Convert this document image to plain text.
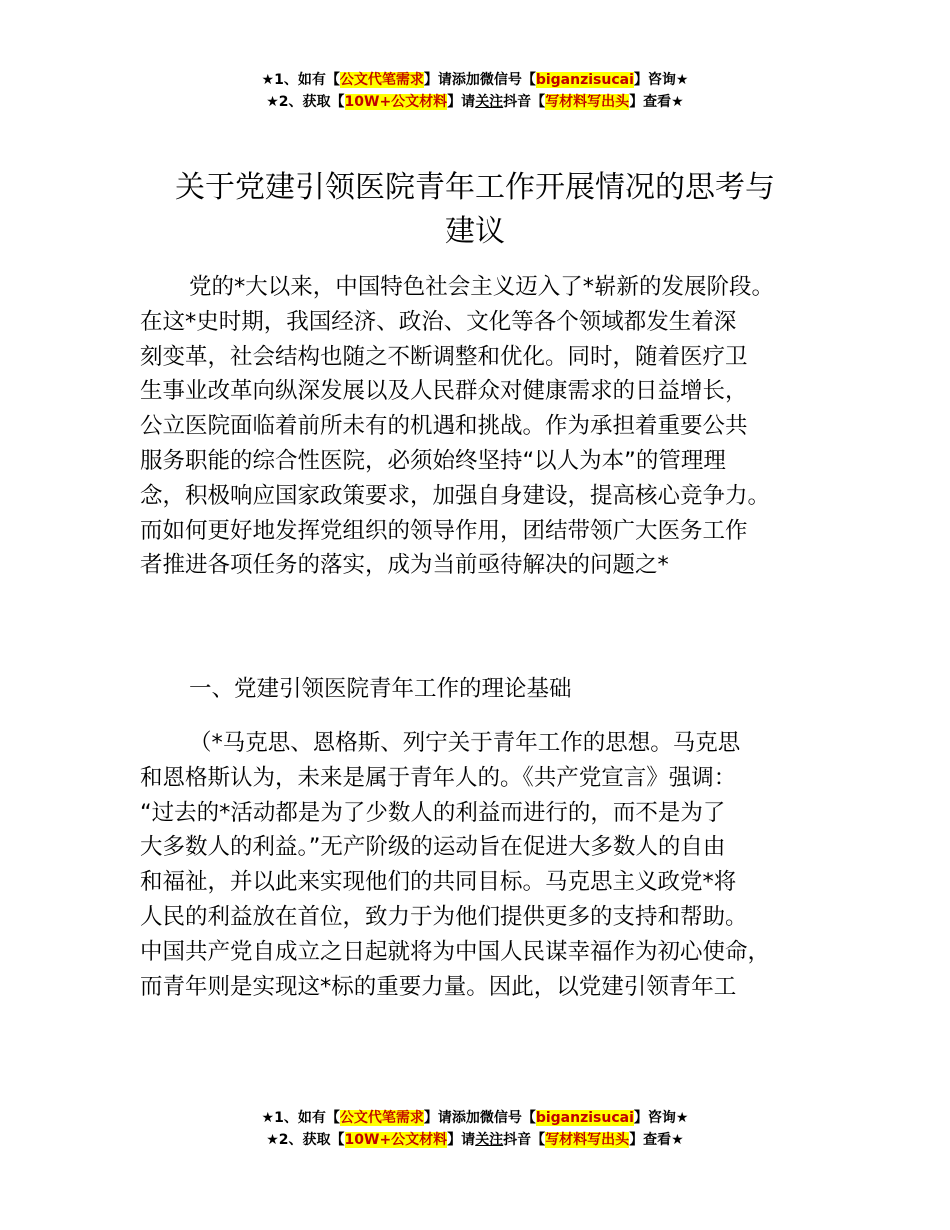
★1、如有【公文代笔需求】请添加微信号【biganzisucai】咨询★
★2、获取【10W+公文材料】请关注抖音【写材料写出头】查看★
关于党建引领医院青年工作开展情况的思考与
建议

党的*大以来，中国特色社会主义迈入了*崭新的发展阶段。

在这*史时期，我国经济、政治、文化等各个领域都发生着深

刻变革，社会结构也随之不断调整和优化。同时，随着医疗卫

生事业改革向纵深发展以及人民群众对健康需求的日益增长，

公立医院面临着前所未有的机遇和挑战。作为承担着重要公共

服务职能的综合性医院，必须始终坚持“以人为本”的管理理

念，积极响应国家政策要求，加强自身建设，提高核心竞争力。

而如何更好地发挥党组织的领导作用，团结带领广大医务工作

者推进各项任务的落实，成为当前亟待解决的问题之*

一、党建引领医院青年工作的理论基础

（*马克思、恩格斯、列宁关于青年工作的思想。马克思

和恩格斯认为，未来是属于青年人的。《共产党宣言》强调：

“过去的*活动都是为了少数人的利益而进行的，而不是为了

大多数人的利益。”无产阶级的运动旨在促进大多数人的自由

和福祉，并以此来实现他们的共同目标。马克思主义政党*将

人民的利益放在首位，致力于为他们提供更多的支持和帮助。

中国共产党自成立之日起就将为中国人民谋幸福作为初心使命，

而青年则是实现这*标的重要力量。因此，以党建引领青年工

★1、如有【公文代笔需求】请添加微信号【biganzisucai】咨询★
★2、获取【10W+公文材料】请关注抖音【写材料写出头】查看★
